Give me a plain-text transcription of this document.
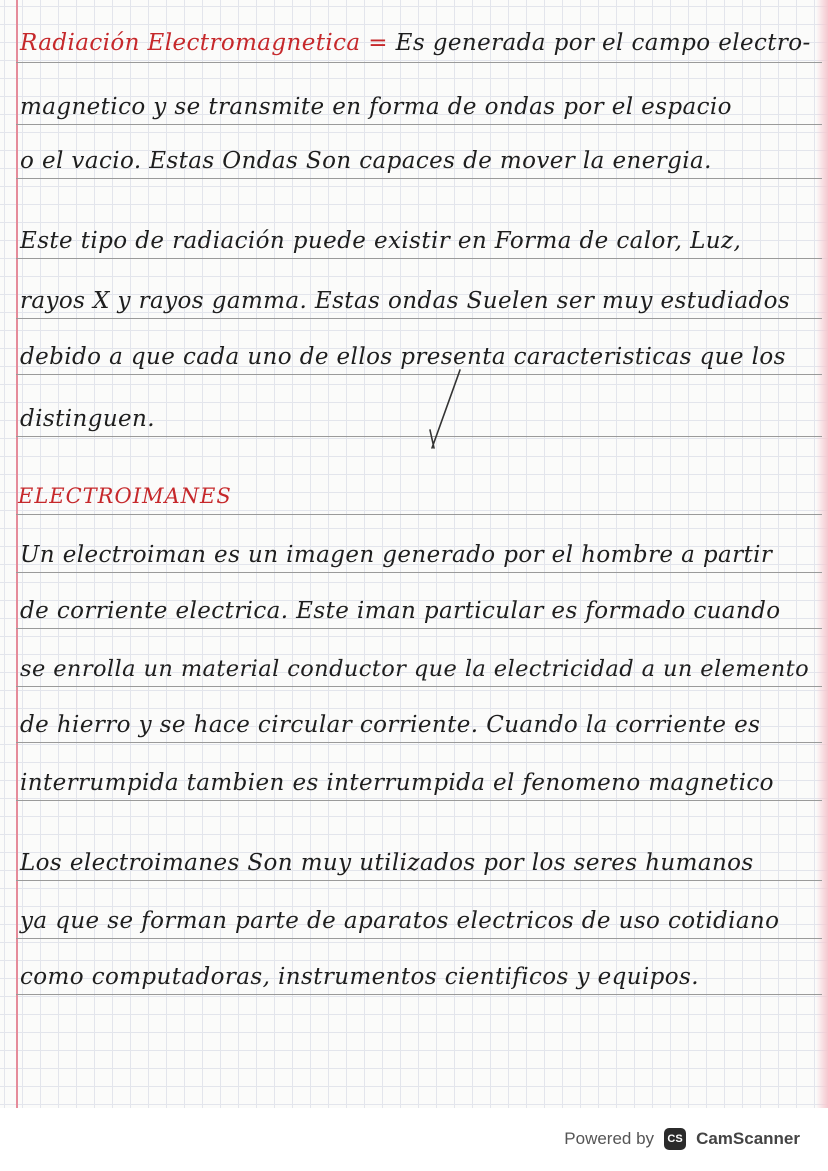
Radiación Electromagnetica = Es generada por el campo electro-
magnetico y se transmite en forma de ondas por el espacio
o el vacio. Estas Ondas Son capaces de mover la energia.
Este tipo de radiación puede existir en Forma de calor, Luz,
rayos X y rayos gamma. Estas ondas Suelen ser muy estudiados
debido a que cada uno de ellos presenta caracteristicas que los
distinguen.
ELECTROIMANES
Un electroiman es un imagen generado por el hombre a partir
de corriente electrica. Este iman particular es formado cuando
se enrolla un material conductor que la electricidad a un elemento
de hierro y se hace circular corriente. Cuando la corriente es
interrumpida tambien es interrumpida el fenomeno magnetico
Los electroimanes Son muy utilizados por los seres humanos
ya que se forman parte de aparatos electricos de uso cotidiano
como computadoras, instrumentos cientificos y equipos.
Powered by	CS CamScanner
